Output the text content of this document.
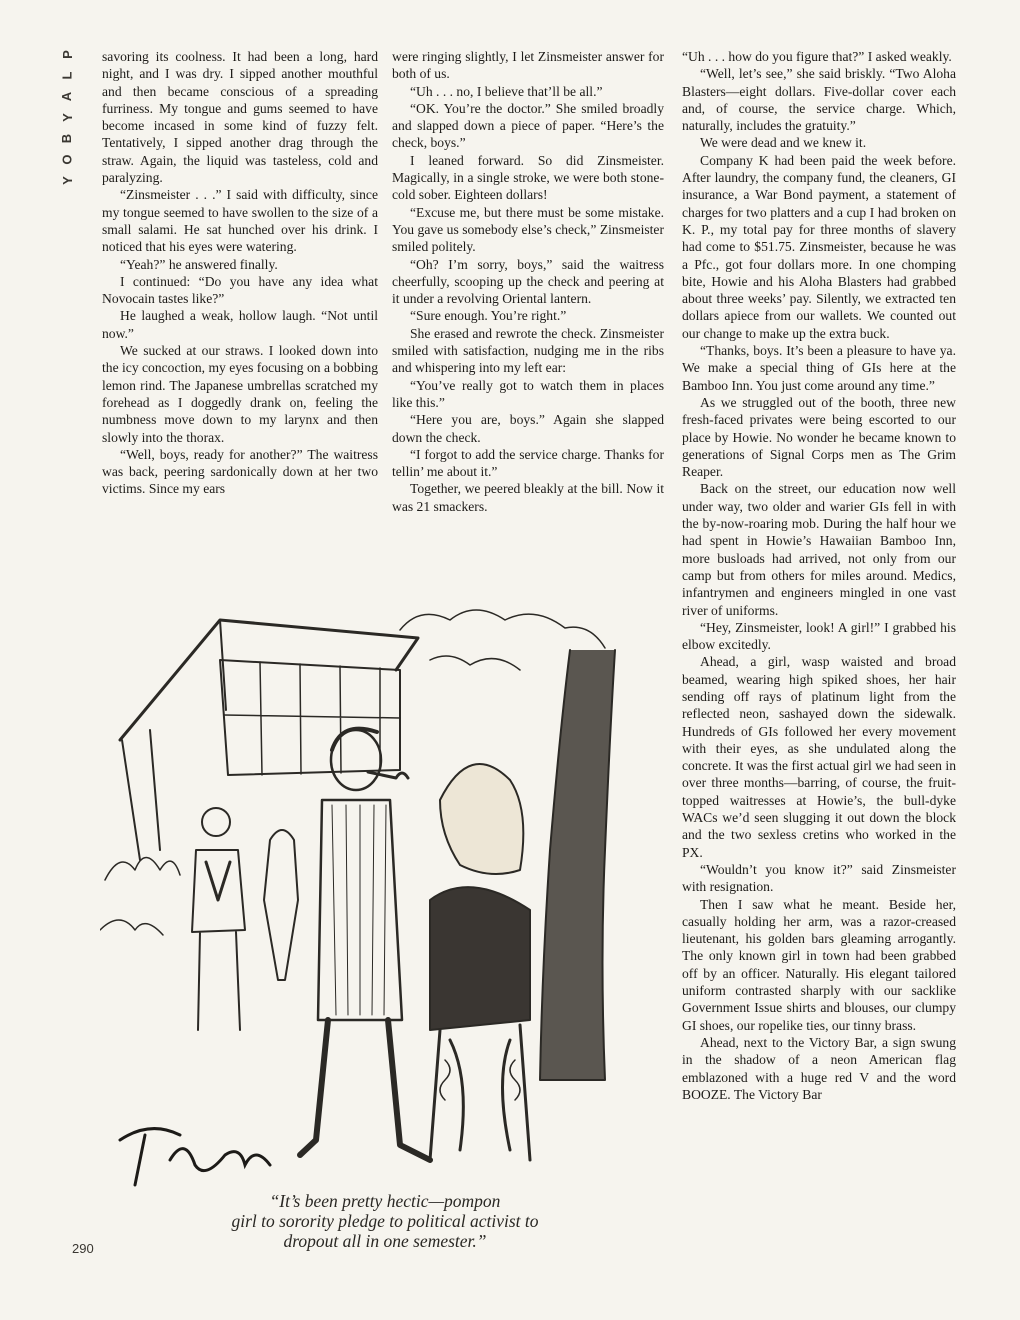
P
L
A
Y
B
O
Y

savoring its coolness. It had been a long, hard night, and I was dry. I sipped another mouthful and then became conscious of a spreading furriness. My tongue and gums seemed to have become incased in some kind of fuzzy felt. Tentatively, I sipped another drag through the straw. Again, the liquid was tasteless, cold and paralyzing.

“Zinsmeister . . .” I said with difficulty, since my tongue seemed to have swollen to the size of a small salami. He sat hunched over his drink. I noticed that his eyes were watering.

“Yeah?” he answered finally.

I continued: “Do you have any idea what Novocain tastes like?”

He laughed a weak, hollow laugh. “Not until now.”

We sucked at our straws. I looked down into the icy concoction, my eyes focusing on a bobbing lemon rind. The Japanese umbrellas scratched my forehead as I doggedly drank on, feeling the numbness move down to my larynx and then slowly into the thorax.

“Well, boys, ready for another?” The waitress was back, peering sardonically down at her two victims. Since my ears

were ringing slightly, I let Zinsmeister answer for both of us.

“Uh . . . no, I believe that’ll be all.”

“OK. You’re the doctor.” She smiled broadly and slapped down a piece of paper. “Here’s the check, boys.”

I leaned forward. So did Zinsmeister. Magically, in a single stroke, we were both stone-cold sober. Eighteen dollars!

“Excuse me, but there must be some mistake. You gave us somebody else’s check,” Zinsmeister smiled politely.

“Oh? I’m sorry, boys,” said the waitress cheerfully, scooping up the check and peering at it under a revolving Oriental lantern.

“Sure enough. You’re right.”

She erased and rewrote the check. Zinsmeister smiled with satisfaction, nudging me in the ribs and whispering into my left ear:

“You’ve really got to watch them in places like this.”

“Here you are, boys.” Again she slapped down the check.

“I forgot to add the service charge. Thanks for tellin’ me about it.”

Together, we peered bleakly at the bill. Now it was 21 smackers.

“Uh . . . how do you figure that?” I asked weakly.

“Well, let’s see,” she said briskly. “Two Aloha Blasters—eight dollars. Five-dollar cover each and, of course, the service charge. Which, naturally, includes the gratuity.”

We were dead and we knew it.

Company K had been paid the week before. After laundry, the company fund, the cleaners, GI insurance, a War Bond payment, a statement of charges for two platters and a cup I had broken on K. P., my total pay for three months of slavery had come to $51.75. Zinsmeister, because he was a Pfc., got four dollars more. In one chomping bite, Howie and his Aloha Blasters had grabbed about three weeks’ pay. Silently, we extracted ten dollars apiece from our wallets. We counted out our change to make up the extra buck.

“Thanks, boys. It’s been a pleasure to have ya. We make a special thing of GIs here at the Bamboo Inn. You just come around any time.”

As we struggled out of the booth, three new fresh-faced privates were being escorted to our place by Howie. No wonder he became known to generations of Signal Corps men as The Grim Reaper.

Back on the street, our education now well under way, two older and warier GIs fell in with the by-now-roaring mob. During the half hour we had spent in Howie’s Hawaiian Bamboo Inn, more busloads had arrived, not only from our camp but from others for miles around. Medics, infantrymen and engineers mingled in one vast river of uniforms.

“Hey, Zinsmeister, look! A girl!” I grabbed his elbow excitedly.

Ahead, a girl, wasp waisted and broad beamed, wearing high spiked shoes, her hair sending off rays of platinum light from the reflected neon, sashayed down the sidewalk. Hundreds of GIs followed her every movement with their eyes, as she undulated along the concrete. It was the first actual girl we had seen in over three months—barring, of course, the fruit-topped waitresses at Howie’s, the bull-dyke WACs we’d seen slugging it out down the block and the two sexless cretins who worked in the PX.

“Wouldn’t you know it?” said Zinsmeister with resignation.

Then I saw what he meant. Beside her, casually holding her arm, was a razor-creased lieutenant, his golden bars gleaming arrogantly. The only known girl in town had been grabbed off by an officer. Naturally. His elegant tailored uniform contrasted sharply with our sacklike Government Issue shirts and blouses, our clumpy GI shoes, our ropelike ties, our tinny brass.

Ahead, next to the Victory Bar, a sign swung in the shadow of a neon American flag emblazoned with a huge red V and the word BOOZE. The Victory Bar

“It’s been pretty hectic—pompon
girl to sorority pledge to political activist to
dropout all in one semester.”
290
